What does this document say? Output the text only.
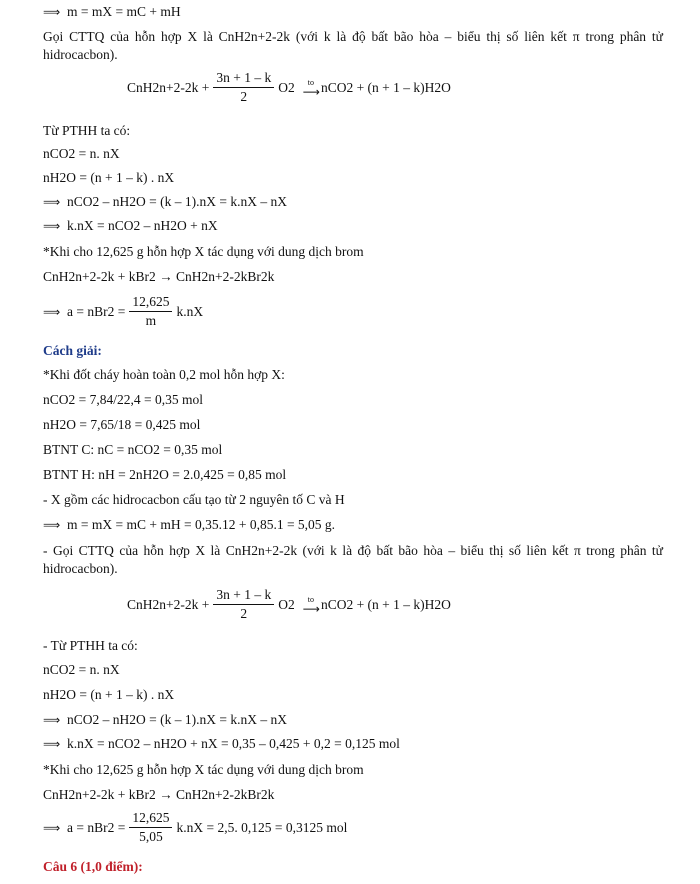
⟹ m = mX = mC + mH
Gọi CTTQ của hỗn hợp X là CnH2n+2-2k (với k là độ bất bão hòa – biểu thị số liên kết π trong phân tử
hidrocacbon).
$CnH2n+2-2k + \frac{3n + 1 - k}{2} O2$ to
⟶ nCO2 + (n + 1 – k)H2O
Từ PTHH ta có:
nCO2 = n. nX
nH2O = (n + 1 – k) . nX
⟹ nCO2 – nH2O = (k – 1).nX = k.nX – nX
⟹ k.nX = nCO2 – nH2O + nX
*Khi cho 12,625 g hỗn hợp X tác dụng với dung dịch brom
CnH2n+2-2k + kBr2 → CnH2n+2-2kBr2k
⟹ $a = nBr2 = \frac{12,625}{m} k.nX$
Cách giải:
*Khi đốt cháy hoàn toàn 0,2 mol hỗn hợp X:
nCO2 = 7,84/22,4 = 0,35 mol
nH2O = 7,65/18 = 0,425 mol
BTNT C: nC = nCO2 = 0,35 mol
BTNT H: nH = 2nH2O = 2.0,425 = 0,85 mol
- X gồm các hidrocacbon cấu tạo từ 2 nguyên tố C và H
⟹ m = mX = mC + mH = 0,35.12 + 0,85.1 = 5,05 g.
- Gọi CTTQ của hỗn hợp X là CnH2n+2-2k (với k là độ bất bão hòa – biểu thị số liên kết π trong phân tử
hidrocacbon).
$CnH2n+2-2k + \frac{3n + 1 - k}{2} O2$ to
⟶ nCO2 + (n + 1 – k)H2O
- Từ PTHH ta có:
nCO2 = n. nX
nH2O = (n + 1 – k) . nX
⟹ nCO2 – nH2O = (k – 1).nX = k.nX – nX
⟹ k.nX = nCO2 – nH2O + nX = 0,35 – 0,425 + 0,2 = 0,125 mol
*Khi cho 12,625 g hỗn hợp X tác dụng với dung dịch brom
CnH2n+2-2k + kBr2 → CnH2n+2-2kBr2k
⟹ $a = nBr2 = \frac{12,625}{5,05} k.nX = 2,5$. 0,125 = 0,3125 mol
Câu 6 (1,0 điểm):
